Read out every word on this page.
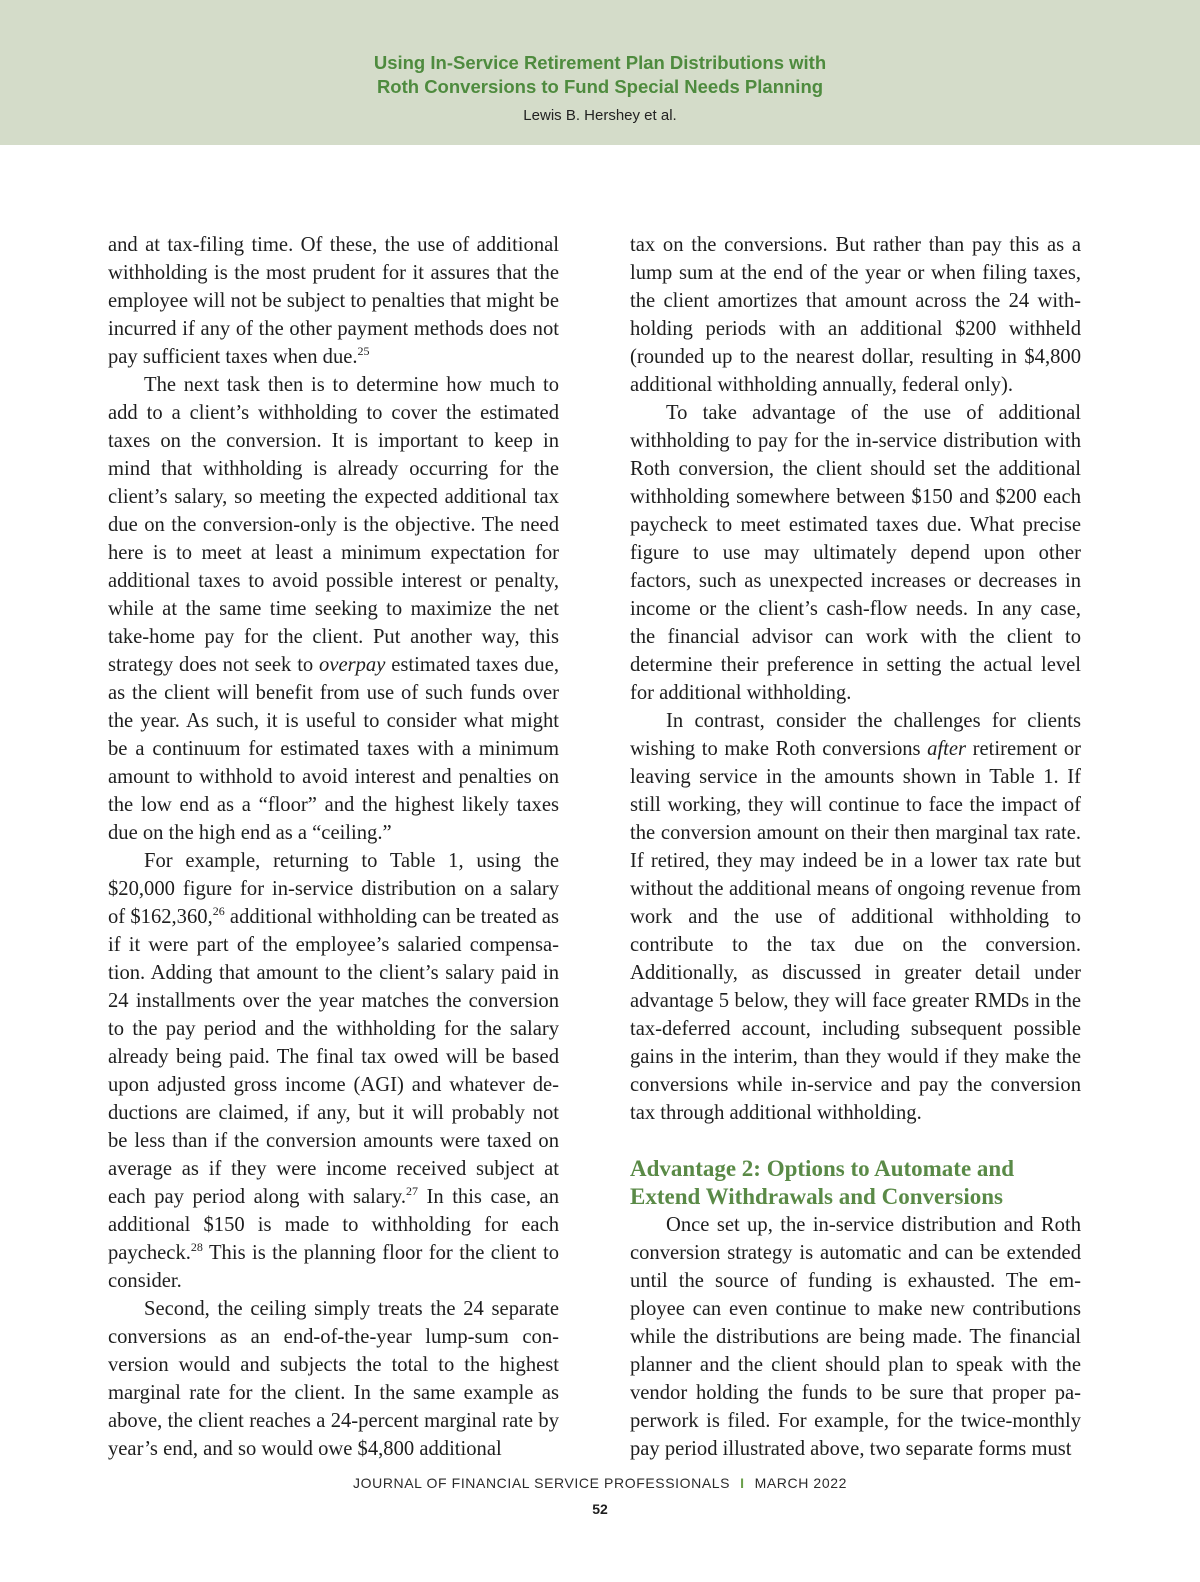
Using In-Service Retirement Plan Distributions with
Roth Conversions to Fund Special Needs Planning
Lewis B. Hershey et al.

and at tax-filing time. Of these, the use of additional withholding is the most prudent for it assures that the employee will not be subject to penalties that might be incurred if any of the other payment methods does not pay sufficient taxes when due.$^{25}$

The next task then is to determine how much to add to a client’s withholding to cover the estimated taxes on the conversion. It is important to keep in mind that withholding is already occurring for the client’s salary, so meeting the expected additional tax due on the conversion-only is the objective. The need here is to meet at least a minimum expectation for additional taxes to avoid possible interest or penalty, while at the same time seeking to maximize the net take-home pay for the client. Put another way, this strategy does not seek to overpay estimated taxes due, as the client will benefit from use of such funds over the year. As such, it is useful to consider what might be a continuum for estimated taxes with a minimum amount to withhold to avoid interest and penalties on the low end as a “floor” and the highest likely taxes due on the high end as a “ceiling.”

For example, returning to Table 1, using the $20,000 figure for in-service distribution on a salary of $162,360,26 additional withholding can be treated as if it were part of the employee’s salaried compensation. Adding that amount to the client’s salary paid in 24 installments over the year matches the conversion to the pay period and the withholding for the salary already being paid. The final tax owed will be based upon adjusted gross income (AGI) and whatever deductions are claimed, if any, but it will probably not be less than if the conversion amounts were taxed on average as if they were income received subject at each pay period along with salary.$^{27}$ In this case, an additional $150 is made to withholding for each paycheck.$^{28}$ This is the planning floor for the client to consider.

Second, the ceiling simply treats the 24 separate conversions as an end-of-the-year lump-sum conversion would and subjects the total to the highest marginal rate for the client. In the same example as above, the client reaches a 24-percent marginal rate by year’s end, and so would owe $4,800 additional

tax on the conversions. But rather than pay this as a lump sum at the end of the year or when filing taxes, the client amortizes that amount across the 24 withholding periods with an additional $200 withheld (rounded up to the nearest dollar, resulting in $4,800 additional withholding annually, federal only).

To take advantage of the use of additional withholding to pay for the in-service distribution with Roth conversion, the client should set the additional withholding somewhere between $150 and $200 each paycheck to meet estimated taxes due. What precise figure to use may ultimately depend upon other factors, such as unexpected increases or decreases in income or the client’s cash-flow needs. In any case, the financial advisor can work with the client to determine their preference in setting the actual level for additional withholding.

In contrast, consider the challenges for clients wishing to make Roth conversions after retirement or leaving service in the amounts shown in Table 1. If still working, they will continue to face the impact of the conversion amount on their then marginal tax rate. If retired, they may indeed be in a lower tax rate but without the additional means of ongoing revenue from work and the use of additional withholding to contribute to the tax due on the conversion. Additionally, as discussed in greater detail under advantage 5 below, they will face greater RMDs in the tax-deferred account, including subsequent possible gains in the interim, than they would if they make the conversions while in-service and pay the conversion tax through additional withholding.

Advantage 2: Options to Automate and
Extend Withdrawals and Conversions

Once set up, the in-service distribution and Roth conversion strategy is automatic and can be extended until the source of funding is exhausted. The employee can even continue to make new contributions while the distributions are being made. The financial planner and the client should plan to speak with the vendor holding the funds to be sure that proper paperwork is filed. For example, for the twice-monthly pay period illustrated above, two separate forms must

JOURNAL OF FINANCIAL SERVICE PROFESSIONALS I MARCH 2022
52
